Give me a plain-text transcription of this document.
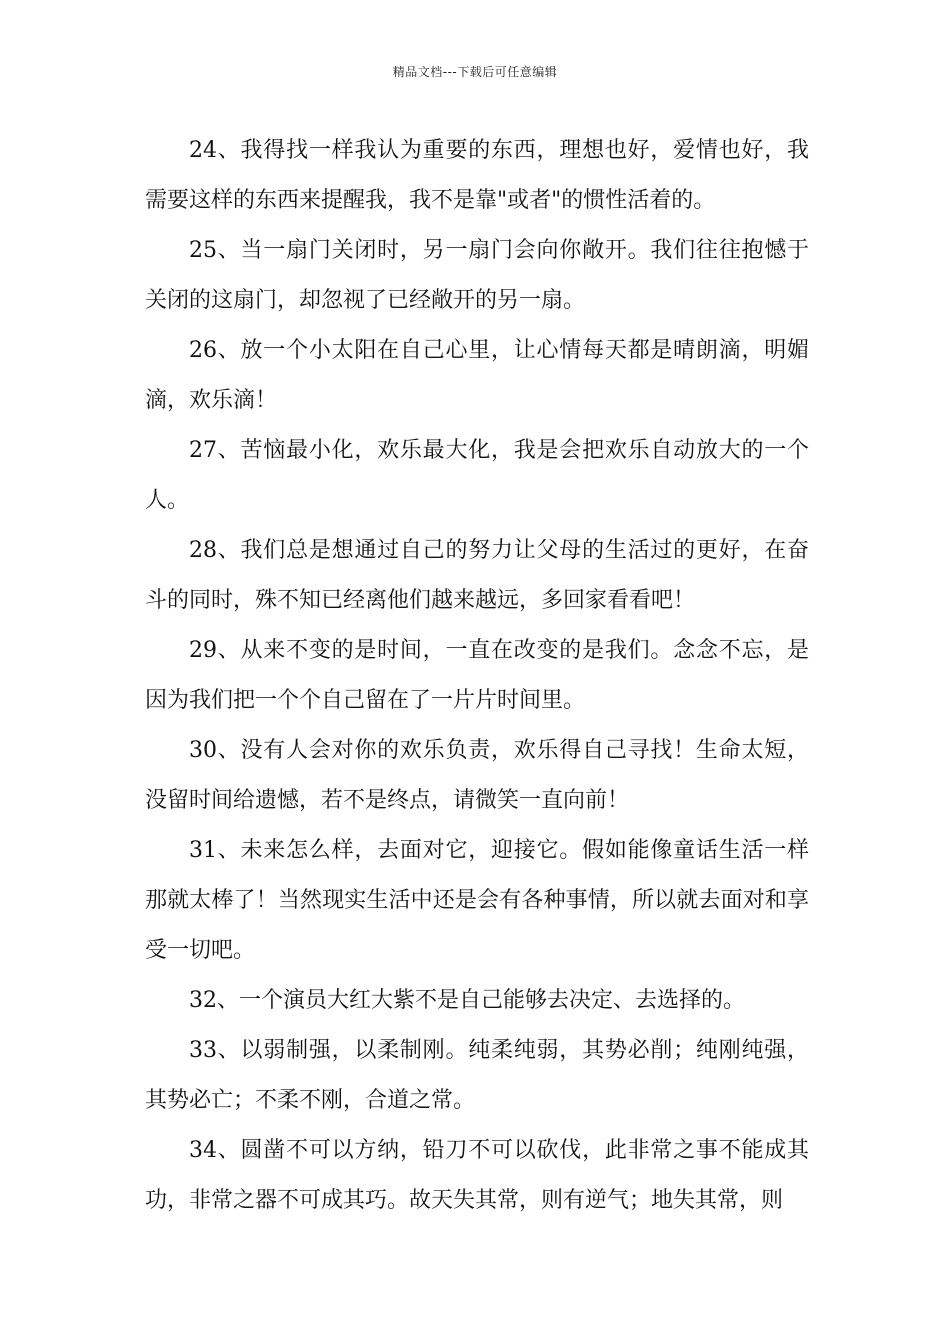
精品文档---下载后可任意编辑

24、我得找一样我认为重要的东西，理想也好，爱情也好，我需要这样的东西来提醒我，我不是靠"或者"的惯性活着的。

25、当一扇门关闭时，另一扇门会向你敞开。我们往往抱憾于关闭的这扇门，却忽视了已经敞开的另一扇。

26、放一个小太阳在自己心里，让心情每天都是晴朗滴，明媚滴，欢乐滴！

27、苦恼最小化，欢乐最大化，我是会把欢乐自动放大的一个人。

28、我们总是想通过自己的努力让父母的生活过的更好，在奋斗的同时，殊不知已经离他们越来越远，多回家看看吧！

29、从来不变的是时间，一直在改变的是我们。念念不忘，是因为我们把一个个自己留在了一片片时间里。

30、没有人会对你的欢乐负责，欢乐得自己寻找！生命太短，没留时间给遗憾，若不是终点，请微笑一直向前！

31、未来怎么样，去面对它，迎接它。假如能像童话生活一样那就太棒了！当然现实生活中还是会有各种事情，所以就去面对和享受一切吧。

32、一个演员大红大紫不是自己能够去决定、去选择的。

33、以弱制强，以柔制刚。纯柔纯弱，其势必削；纯刚纯强，其势必亡；不柔不刚，合道之常。

34、圆凿不可以方纳，铅刀不可以砍伐，此非常之事不能成其功，非常之器不可成其巧。故天失其常，则有逆气；地失其常，则
